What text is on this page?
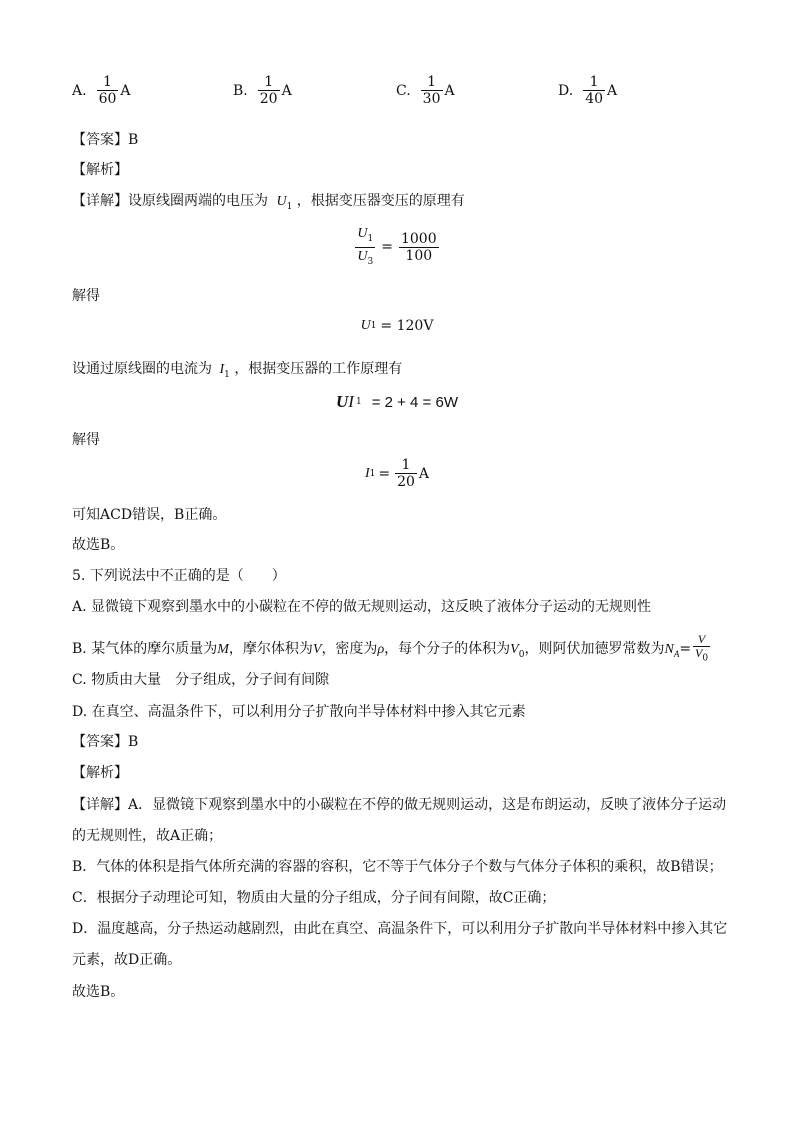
A. $\frac{1}{60}$ A	B. $\frac{1}{20}$ A	C. $\frac{1}{30}$ A	D. $\frac{1}{40}$ A
【答案】B
【解析】
【详解】设原线圈两端的电压为 $U_1$ ，根据变压器变压的原理有
$\frac{U_1}{U_3} = \frac{1000}{100}$
解得
U 1 = 120V
设通过原线圈的电流为 $I_1$ ，根据变压器的工作原理有
U I 1 = 2 + 4 = 6W
解得
I $1 = \frac{1}{20}$ A
可知ACD错误，B正确。
故选B。
5. 下列说法中不正确的是（　　）
A. 显微镜下观察到墨水中的小碳粒在不停的做无规则运动，这反映了液体分子运动的无规则性
B. 某气体的摩尔质量为M，摩尔体积为V，密度为ρ，每个分子的体积为$V_0$，则阿伏加德罗常数为$N_A= \frac{V}{V_0}$
C. 物质由大量　分子组成，分子间有间隙
D. 在真空、高温条件下，可以利用分子扩散向半导体材料中掺入其它元素
【答案】B
【解析】
【详解】A．显微镜下观察到墨水中的小碳粒在不停的做无规则运动，这是布朗运动，反映了液体分子运动
的无规则性，故A正确；
B．气体的体积是指气体所充满的容器的容积，它不等于气体分子个数与气体分子体积的乘积，故B错误；
C．根据分子动理论可知，物质由大量的分子组成，分子间有间隙，故C正确；
D．温度越高，分子热运动越剧烈，由此在真空、高温条件下，可以利用分子扩散向半导体材料中掺入其它
元素，故D正确。
故选B。
